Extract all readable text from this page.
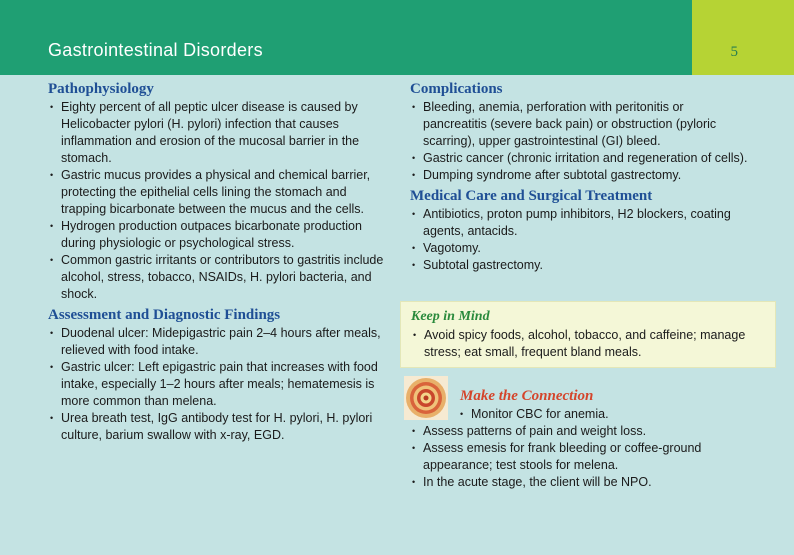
Gastrointestinal Disorders	5
Pathophysiology
• Eighty percent of all peptic ulcer disease is caused by Helicobacter pylori (H. pylori) infection that causes inflammation and erosion of the mucosal barrier in the stomach.
• Gastric mucus provides a physical and chemical barrier, protecting the epithelial cells lining the stomach and trapping bicarbonate between the mucus and the cells.
• Hydrogen production outpaces bicarbonate production during physiologic or psychological stress.
• Common gastric irritants or contributors to gastritis include alcohol, stress, tobacco, NSAIDs, H. pylori bacteria, and shock.
Assessment and Diagnostic Findings
• Duodenal ulcer: Midepigastric pain 2–4 hours after meals, relieved with food intake.
• Gastric ulcer: Left epigastric pain that increases with food intake, especially 1–2 hours after meals; hematemesis is more common than melena.
• Urea breath test, IgG antibody test for H. pylori, H. pylori culture, barium swallow with x-ray, EGD.
Complications
• Bleeding, anemia, perforation with peritonitis or pancreatitis (severe back pain) or obstruction (pyloric scarring), upper gastrointestinal (GI) bleed.
• Gastric cancer (chronic irritation and regeneration of cells).
• Dumping syndrome after subtotal gastrectomy.
Medical Care and Surgical Treatment
• Antibiotics, proton pump inhibitors, H2 blockers, coating agents, antacids.
• Vagotomy.
• Subtotal gastrectomy.
Keep in Mind
• Avoid spicy foods, alcohol, tobacco, and caffeine; manage stress; eat small, frequent bland meals.
Make the Connection
• Monitor CBC for anemia.
• Assess patterns of pain and weight loss.
• Assess emesis for frank bleeding or coffee-ground appearance; test stools for melena.
• In the acute stage, the client will be NPO.
